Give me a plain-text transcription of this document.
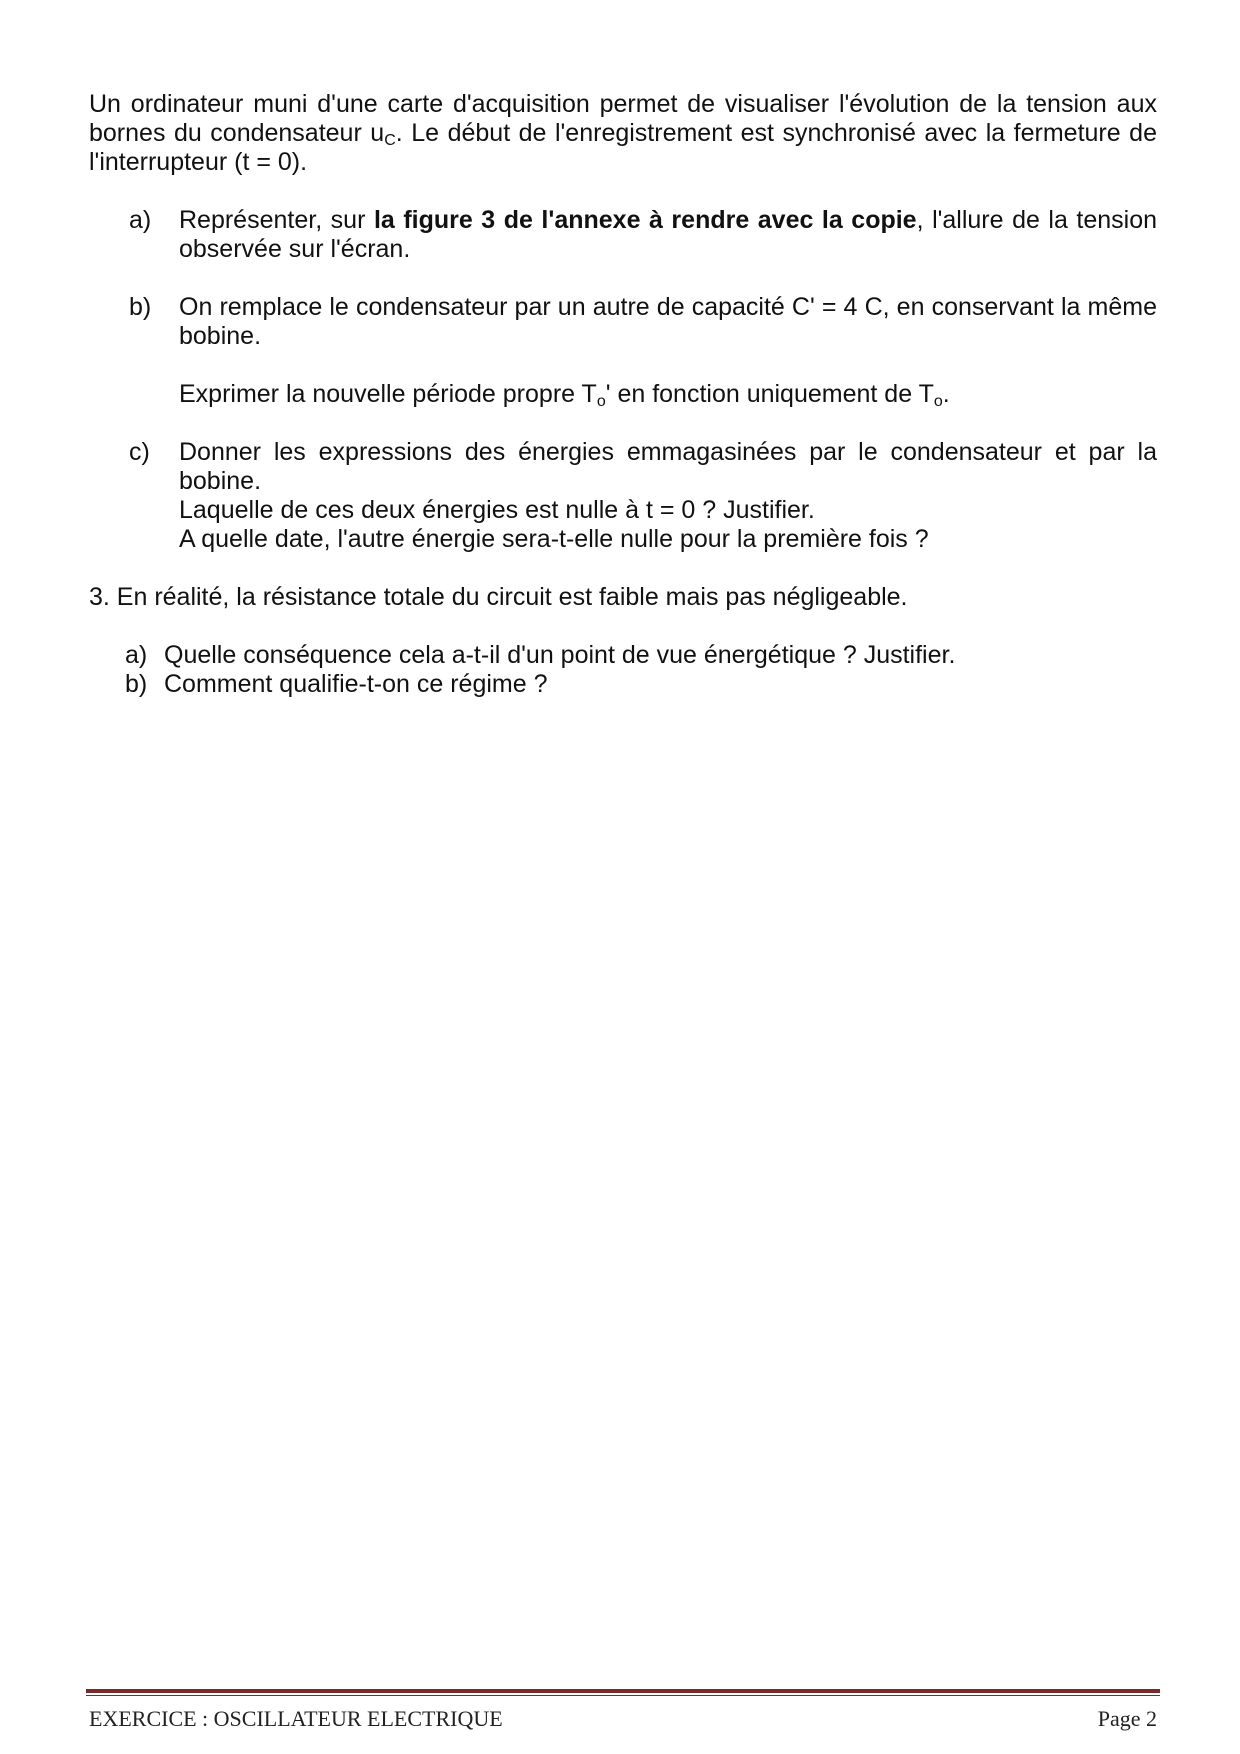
Un ordinateur muni d'une carte d'acquisition permet de visualiser l'évolution de la tension aux bornes du condensateur $u_C$. Le début de l'enregistrement est synchronisé avec la fermeture de l'interrupteur (t = 0).

a) Représenter, sur la figure 3 de l'annexe à rendre avec la copie, l'allure de la tension observée sur l'écran.

b) On remplace le condensateur par un autre de capacité C' = 4 C, en conservant la même bobine.

Exprimer la nouvelle période propre $T_o'$ en fonction uniquement de $T_o$.

c) Donner les expressions des énergies emmagasinées par le condensateur et par la bobine.

Laquelle de ces deux énergies est nulle à t = 0 ? Justifier.
A quelle date, l'autre énergie sera-t-elle nulle pour la première fois ?

3. En réalité, la résistance totale du circuit est faible mais pas négligeable.

a) Quelle conséquence cela a-t-il d'un point de vue énergétique ? Justifier.

b) Comment qualifie-t-on ce régime ?

EXERCICE : OSCILLATEUR ELECTRIQUE	Page 2
